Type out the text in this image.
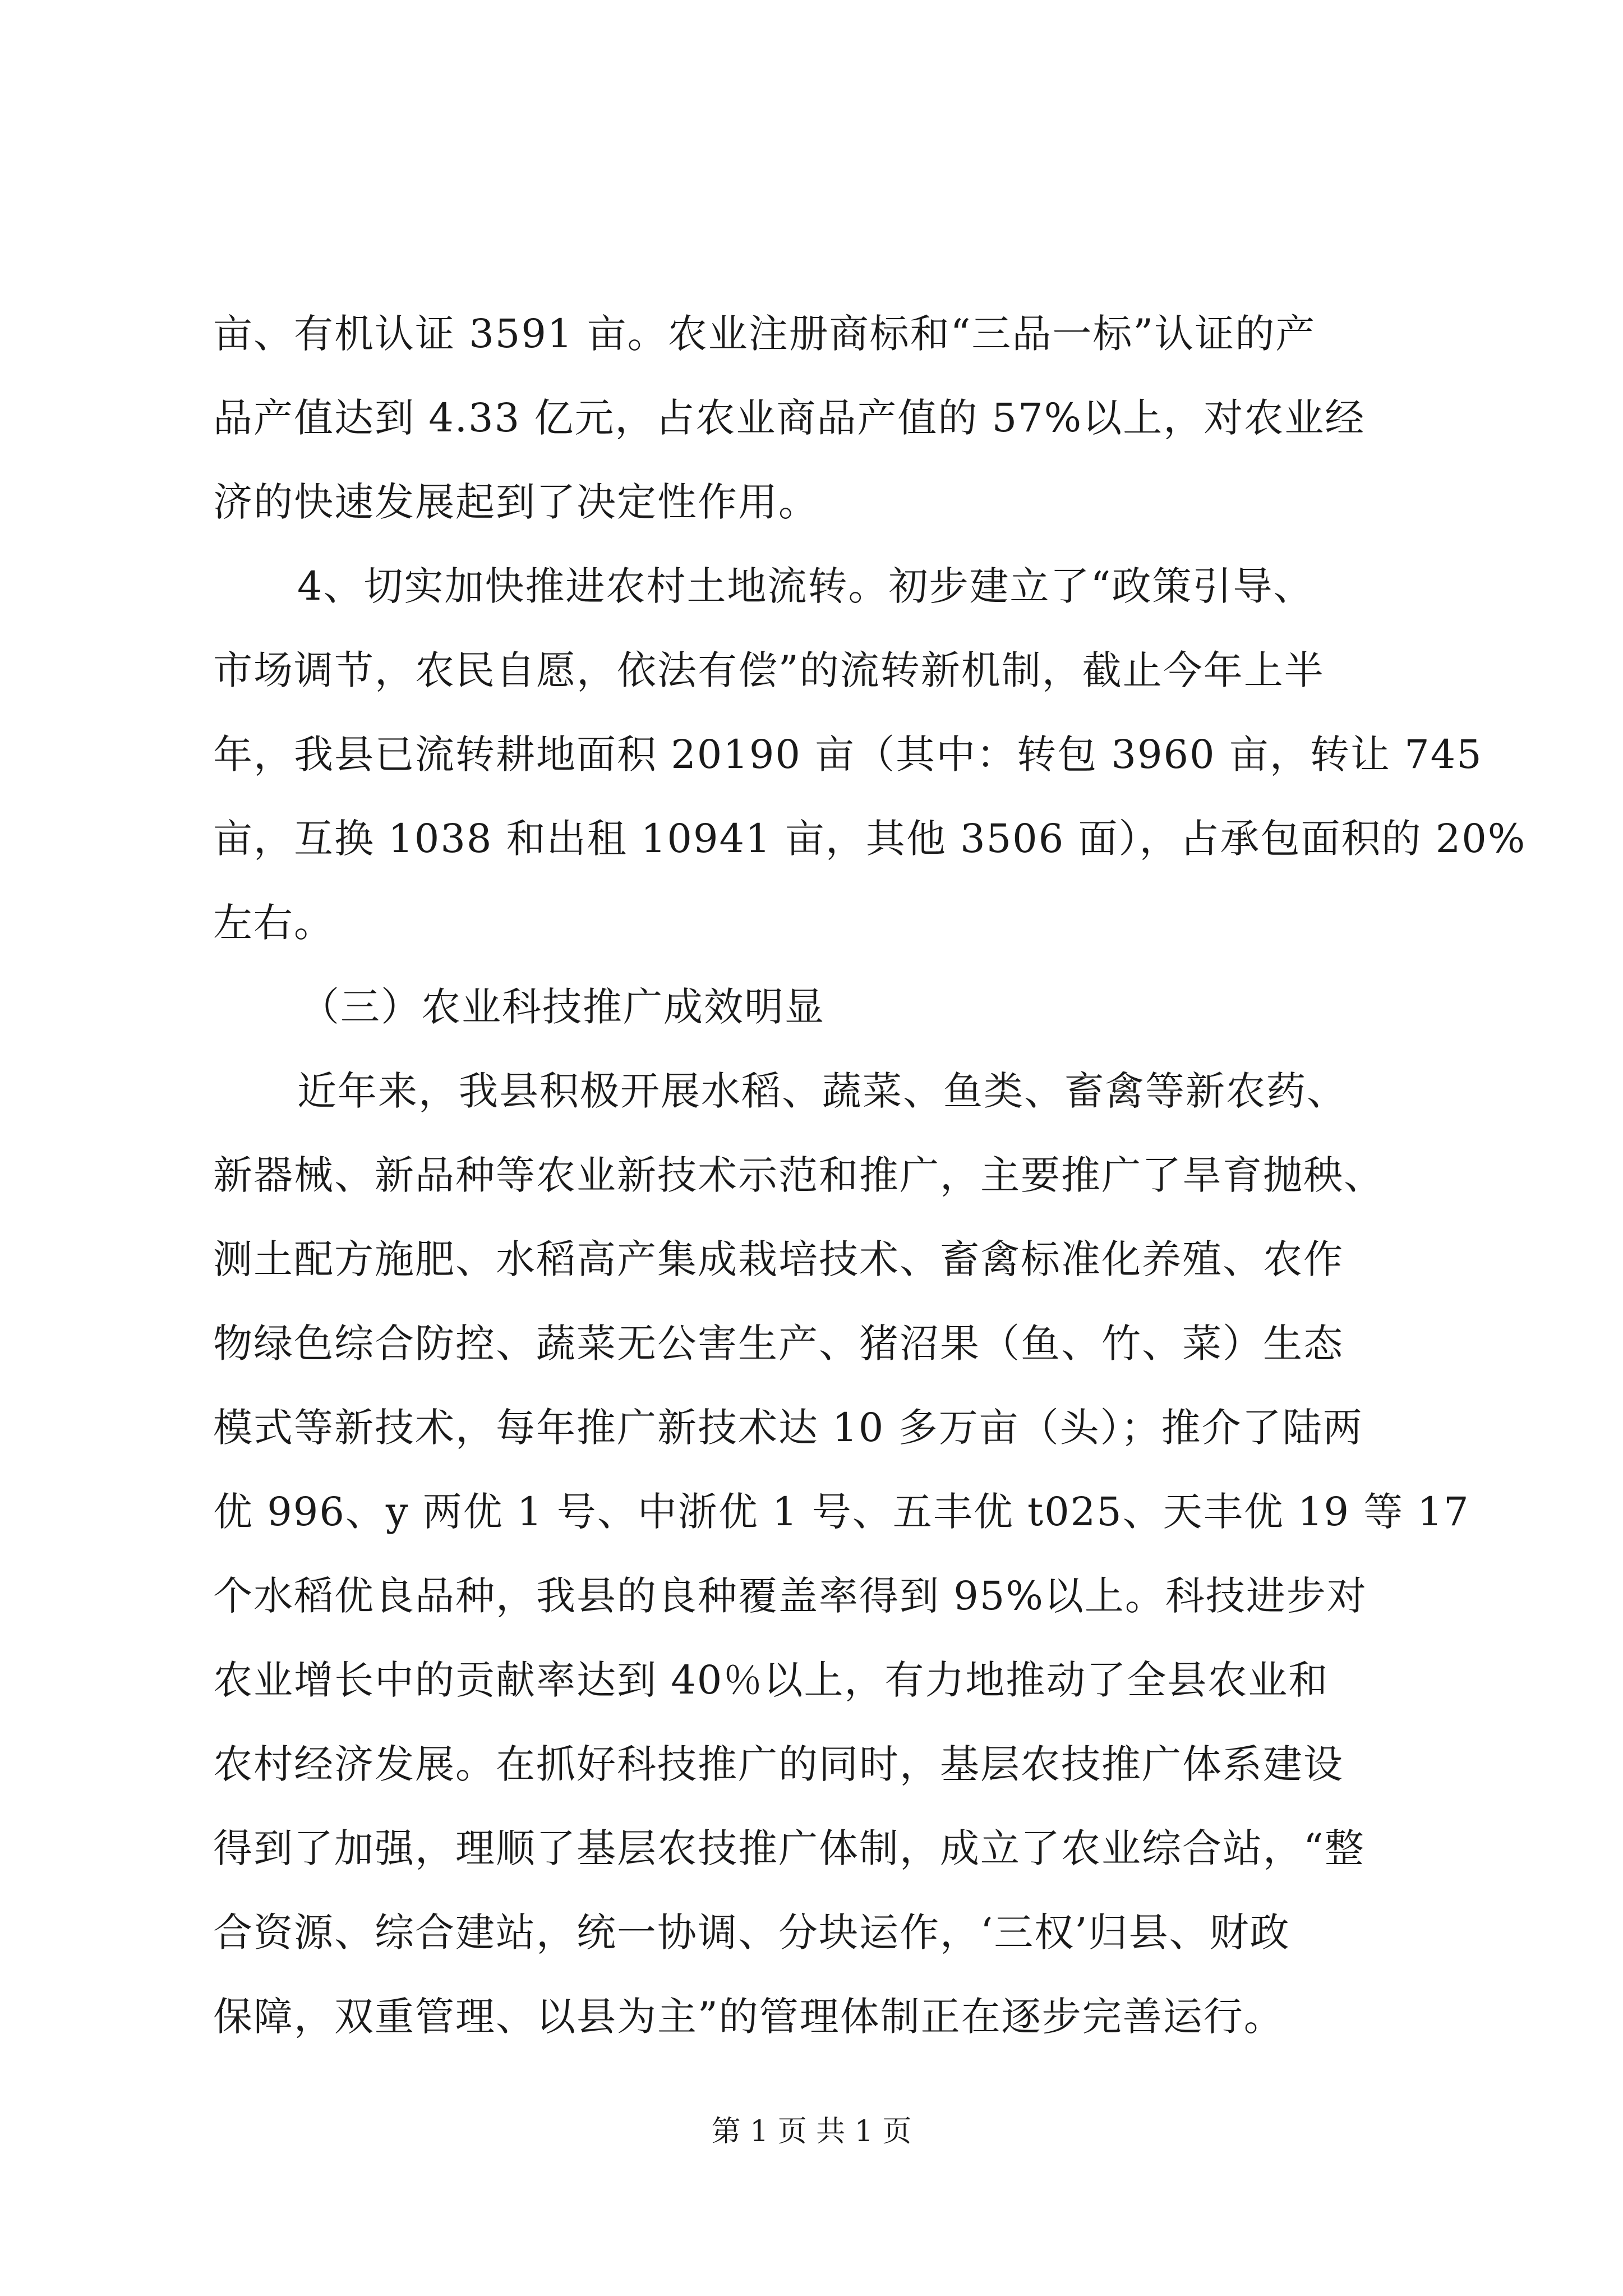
亩、有机认证 3591 亩。农业注册商标和“三品一标”认证的产
品产值达到 4.33 亿元，占农业商品产值的 57%以上，对农业经
济的快速发展起到了决定性作用。
4、切实加快推进农村土地流转。初步建立了“政策引导、
市场调节，农民自愿，依法有偿”的流转新机制，截止今年上半
年，我县已流转耕地面积 20190 亩（其中：转包 3960 亩，转让 745
亩，互换 1038 和出租 10941 亩，其他 3506 面），占承包面积的 20%
左右。
（三）农业科技推广成效明显
近年来，我县积极开展水稻、蔬菜、鱼类、畜禽等新农药、
新器械、新品种等农业新技术示范和推广，主要推广了旱育抛秧、
测土配方施肥、水稻高产集成栽培技术、畜禽标准化养殖、农作
物绿色综合防控、蔬菜无公害生产、猪沼果（鱼、竹、菜）生态
模式等新技术，每年推广新技术达 10 多万亩（头）；推介了陆两
优 996、y 两优 1 号、中浙优 1 号、五丰优 t025、天丰优 19 等 17
个水稻优良品种，我县的良种覆盖率得到 95%以上。科技进步对
农业增长中的贡献率达到 40％以上，有力地推动了全县农业和
农村经济发展。在抓好科技推广的同时，基层农技推广体系建设
得到了加强，理顺了基层农技推广体制，成立了农业综合站，“整
合资源、综合建站，统一协调、分块运作，‘三权’归县、财政
保障，双重管理、以县为主”的管理体制正在逐步完善运行。
第 1 页 共 1 页
